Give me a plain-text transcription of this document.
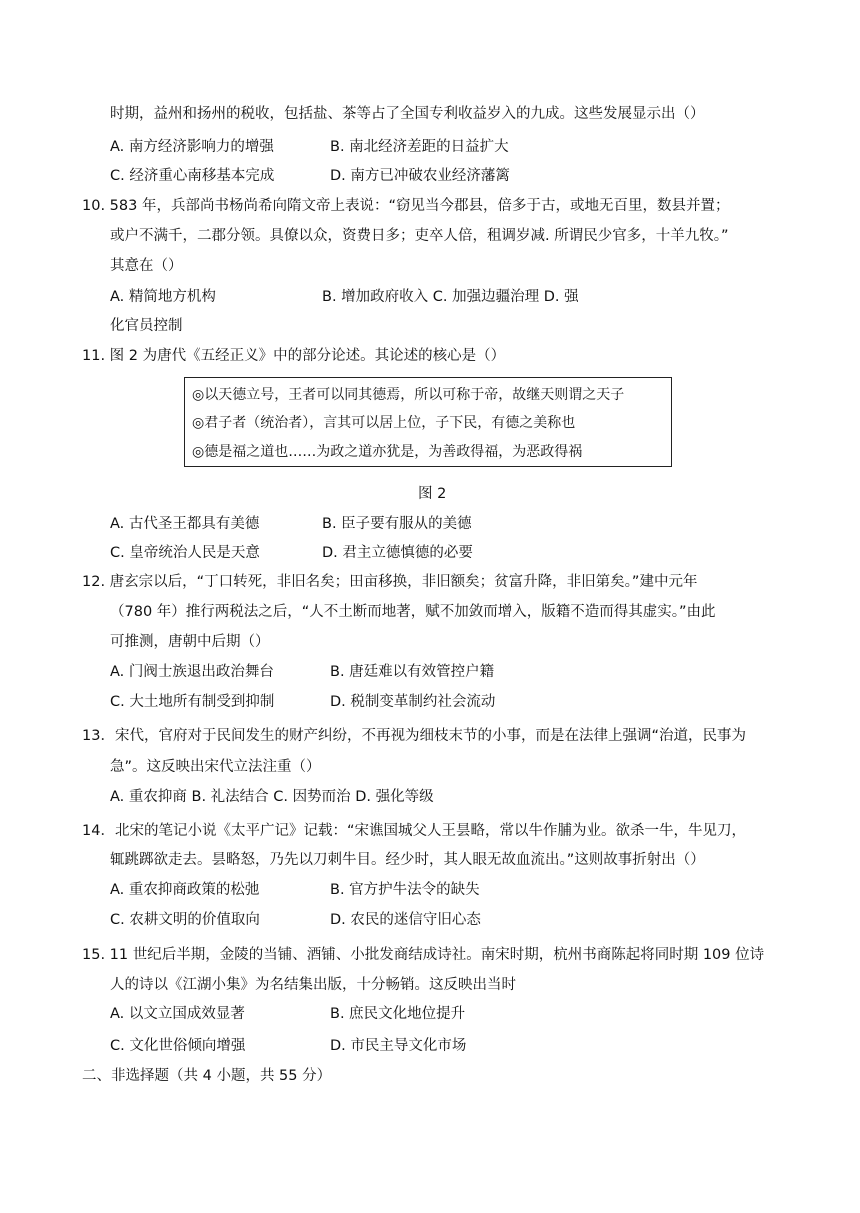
时期，益州和扬州的税收，包括盐、茶等占了全国专利收益岁入的九成。这些发展显示出（）
A. 南方经济影响力的增强	B. 南北经济差距的日益扩大
C. 经济重心南移基本完成	D. 南方已冲破农业经济藩篱
10. 583 年，兵部尚书杨尚希向隋文帝上表说：“窃见当今郡县，倍多于古，或地无百里，数县并置；
或户不满千，二郡分领。具僚以众，资费日多；吏卒人倍，租调岁减. 所谓民少官多，十羊九牧。”
其意在（）
A. 精简地方机构	B. 增加政府收入 C. 加强边疆治理 D. 强
化官员控制
11. 图 2 为唐代《五经正义》中的部分论述。其论述的核心是（）
◎以天德立号，王者可以同其德焉，所以可称于帝，故继天则谓之天子
◎君子者（统治者），言其可以居上位，子下民，有德之美称也
◎德是福之道也……为政之道亦犹是，为善政得福，为恶政得祸
图 2
A. 古代圣王都具有美德	B. 臣子要有服从的美德
C. 皇帝统治人民是天意	D. 君主立德慎德的必要
12. 唐玄宗以后，“丁口转死，非旧名矣；田亩移换，非旧额矣；贫富升降，非旧第矣。”建中元年
（780 年）推行两税法之后，“人不土断而地著，赋不加敛而增入，版籍不造而得其虚实。”由此
可推测，唐朝中后期（）
A. 门阀士族退出政治舞台	B. 唐廷难以有效管控户籍
C. 大土地所有制受到抑制	D. 税制变革制约社会流动
13．宋代，官府对于民间发生的财产纠纷，不再视为细枝末节的小事，而是在法律上强调“治道，民事为
急”。这反映出宋代立法注重（）
A. 重农抑商 B. 礼法结合 C. 因势而治 D. 强化等级
14．北宋的笔记小说《太平广记》记载：“宋谯国城父人王昙略，常以牛作脯为业。欲杀一牛，牛见刀，
辄跳踯欲走去。昙略怒，乃先以刀刺牛目。经少时，其人眼无故血流出。”这则故事折射出（）
A. 重农抑商政策的松弛	B. 官方护牛法令的缺失
C. 农耕文明的价值取向	D. 农民的迷信守旧心态
15. 11 世纪后半期，金陵的当铺、酒铺、小批发商结成诗社。南宋时期，杭州书商陈起将同时期 109 位诗
人的诗以《江湖小集》为名结集出版，十分畅销。这反映出当时
A. 以文立国成效显著	B. 庶民文化地位提升
C. 文化世俗倾向增强	D. 市民主导文化市场
二、非选择题（共 4 小题，共 55 分）
